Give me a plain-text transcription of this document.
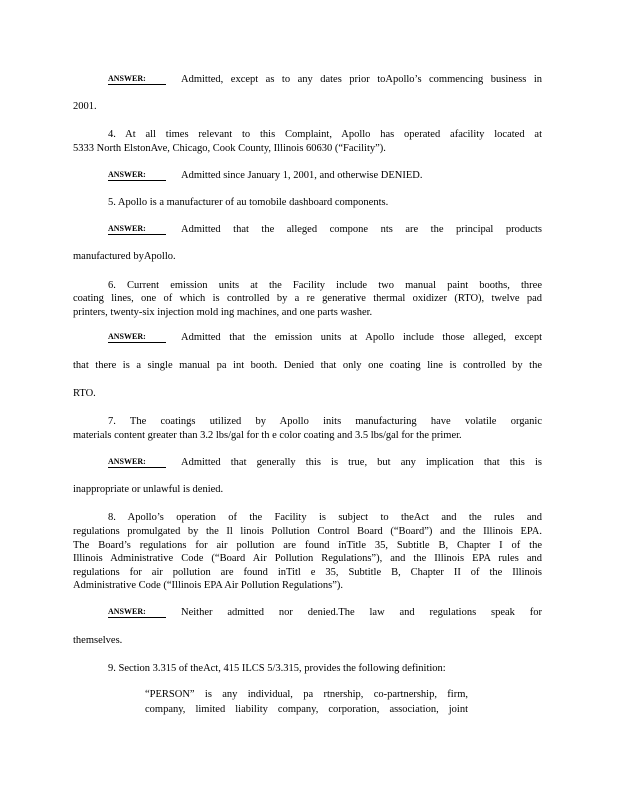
ANSWER:	Admitted, except as to any dates prior toApollo’s commencing business in
2001.
4. At all times relevant to this Complaint, Apollo has operated afacility located at
5333 North ElstonAve, Chicago, Cook County, Illinois 60630 (“Facility”).
ANSWER:	Admitted since January 1, 2001, and otherwise DENIED.
5. Apollo is a manufacturer of au tomobile dashboard components.
ANSWER:	Admitted that the alleged compone nts are the principal products
manufactured byApollo.
6. Current emission units at the Facility include two manual paint booths, three
coating lines, one of which is controlled by a re generative thermal oxidizer (RTO), twelve pad
printers, twenty-six injection mold ing machines, and one parts washer.
ANSWER:	Admitted that the emission units at Apollo include those alleged, except
that there is a single manual pa int booth. Denied that only one coating line is controlled by the
RTO.
7. The coatings utilized by Apollo inits manufacturing have volatile organic
materials content greater than 3.2 lbs/gal for th e color coating and 3.5 lbs/gal for the primer.
ANSWER:	Admitted that generally this is true, but any implication that this is
inappropriate or unlawful is denied.
8. Apollo’s operation of the Facility is subject to theAct and the rules and
regulations promulgated by the Il linois Pollution Control Board (“Board”) and the Illinois EPA.
The Board’s regulations for air pollution are found inTitle 35, Subtitle B, Chapter I of the
Illinois Administrative Code (“Board Air Pollution Regulations”), and the Illinois EPA rules and
regulations for air pollution are found inTitl e 35, Subtitle B, Chapter II of the Illinois
Administrative Code (“Illinois EPA Air Pollution Regulations”).
ANSWER:	Neither admitted nor denied.The law and regulations speak for
themselves.
9. Section 3.315 of theAct, 415 ILCS 5/3.315, provides the following definition:
“PERSON” is any individual, pa rtnership, co-partnership, firm,
company, limited liability company, corporation, association, joint
